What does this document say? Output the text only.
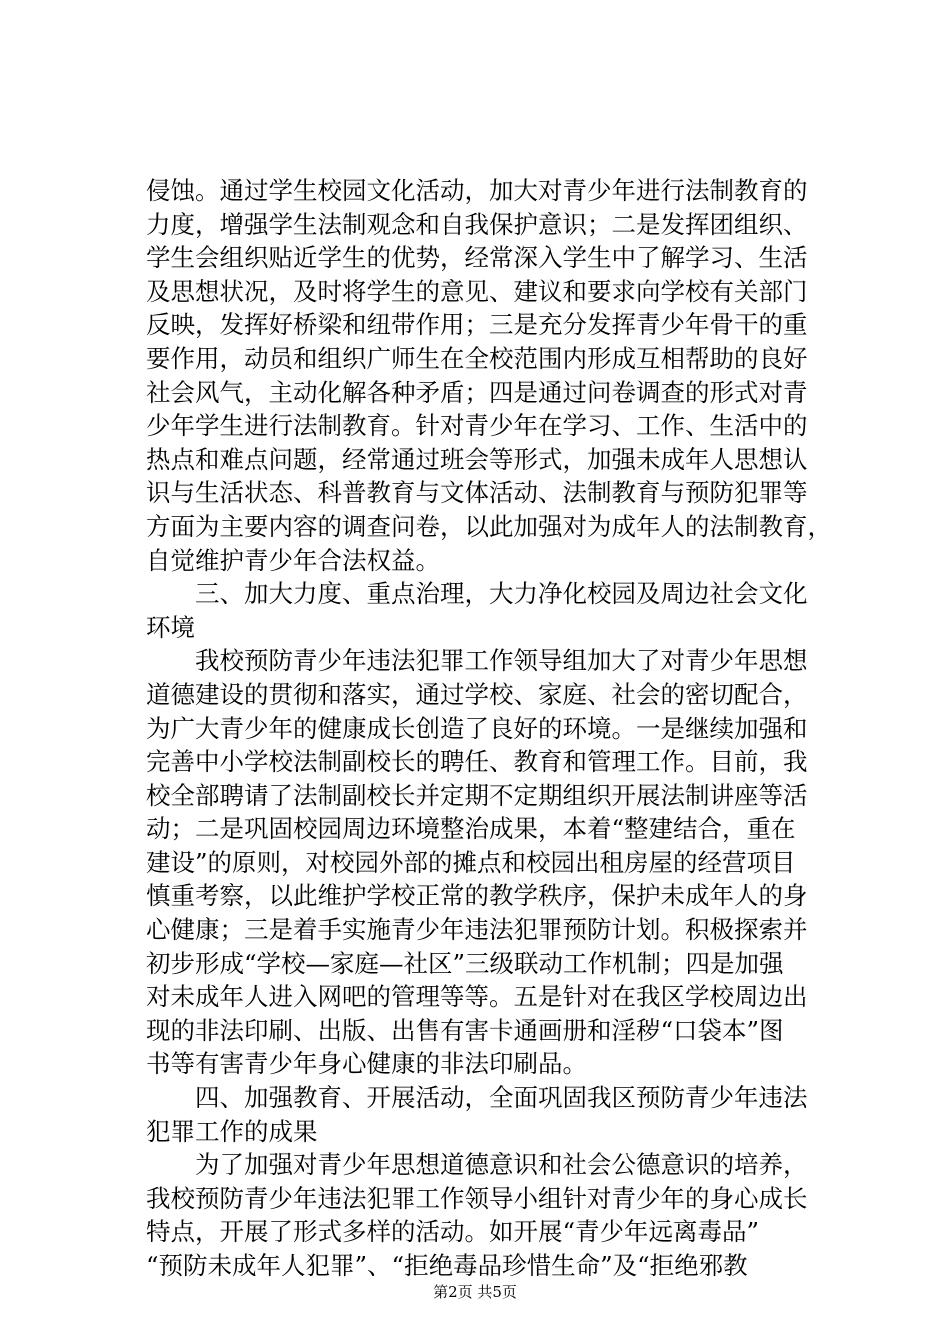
侵蚀。通过学生校园文化活动，加大对青少年进行法制教育的
力度，增强学生法制观念和自我保护意识；二是发挥团组织、
学生会组织贴近学生的优势，经常深入学生中了解学习、生活
及思想状况，及时将学生的意见、建议和要求向学校有关部门
反映，发挥好桥梁和纽带作用；三是充分发挥青少年骨干的重
要作用，动员和组织广师生在全校范围内形成互相帮助的良好
社会风气，主动化解各种矛盾；四是通过问卷调查的形式对青
少年学生进行法制教育。针对青少年在学习、工作、生活中的
热点和难点问题，经常通过班会等形式，加强未成年人思想认
识与生活状态、科普教育与文体活动、法制教育与预防犯罪等
方面为主要内容的调查问卷，以此加强对为成年人的法制教育，
自觉维护青少年合法权益。
　　三、加大力度、重点治理，大力净化校园及周边社会文化
环境
　　我校预防青少年违法犯罪工作领导组加大了对青少年思想
道德建设的贯彻和落实，通过学校、家庭、社会的密切配合，
为广大青少年的健康成长创造了良好的环境。一是继续加强和
完善中小学校法制副校长的聘任、教育和管理工作。目前，我
校全部聘请了法制副校长并定期不定期组织开展法制讲座等活
动；二是巩固校园周边环境整治成果，本着“整建结合，重在
建设”的原则，对校园外部的摊点和校园出租房屋的经营项目
慎重考察，以此维护学校正常的教学秩序，保护未成年人的身
心健康；三是着手实施青少年违法犯罪预防计划。积极探索并
初步形成“学校—家庭—社区”三级联动工作机制；四是加强
对未成年人进入网吧的管理等等。五是针对在我区学校周边出
现的非法印刷、出版、出售有害卡通画册和淫秽“口袋本”图
书等有害青少年身心健康的非法印刷品。
　　四、加强教育、开展活动，全面巩固我区预防青少年违法
犯罪工作的成果
　　为了加强对青少年思想道德意识和社会公德意识的培养，
我校预防青少年违法犯罪工作领导小组针对青少年的身心成长
特点，开展了形式多样的活动。如开展“青少年远离毒品”
“预防未成年人犯罪”、“拒绝毒品珍惜生命”及“拒绝邪教
第2页 共5页
